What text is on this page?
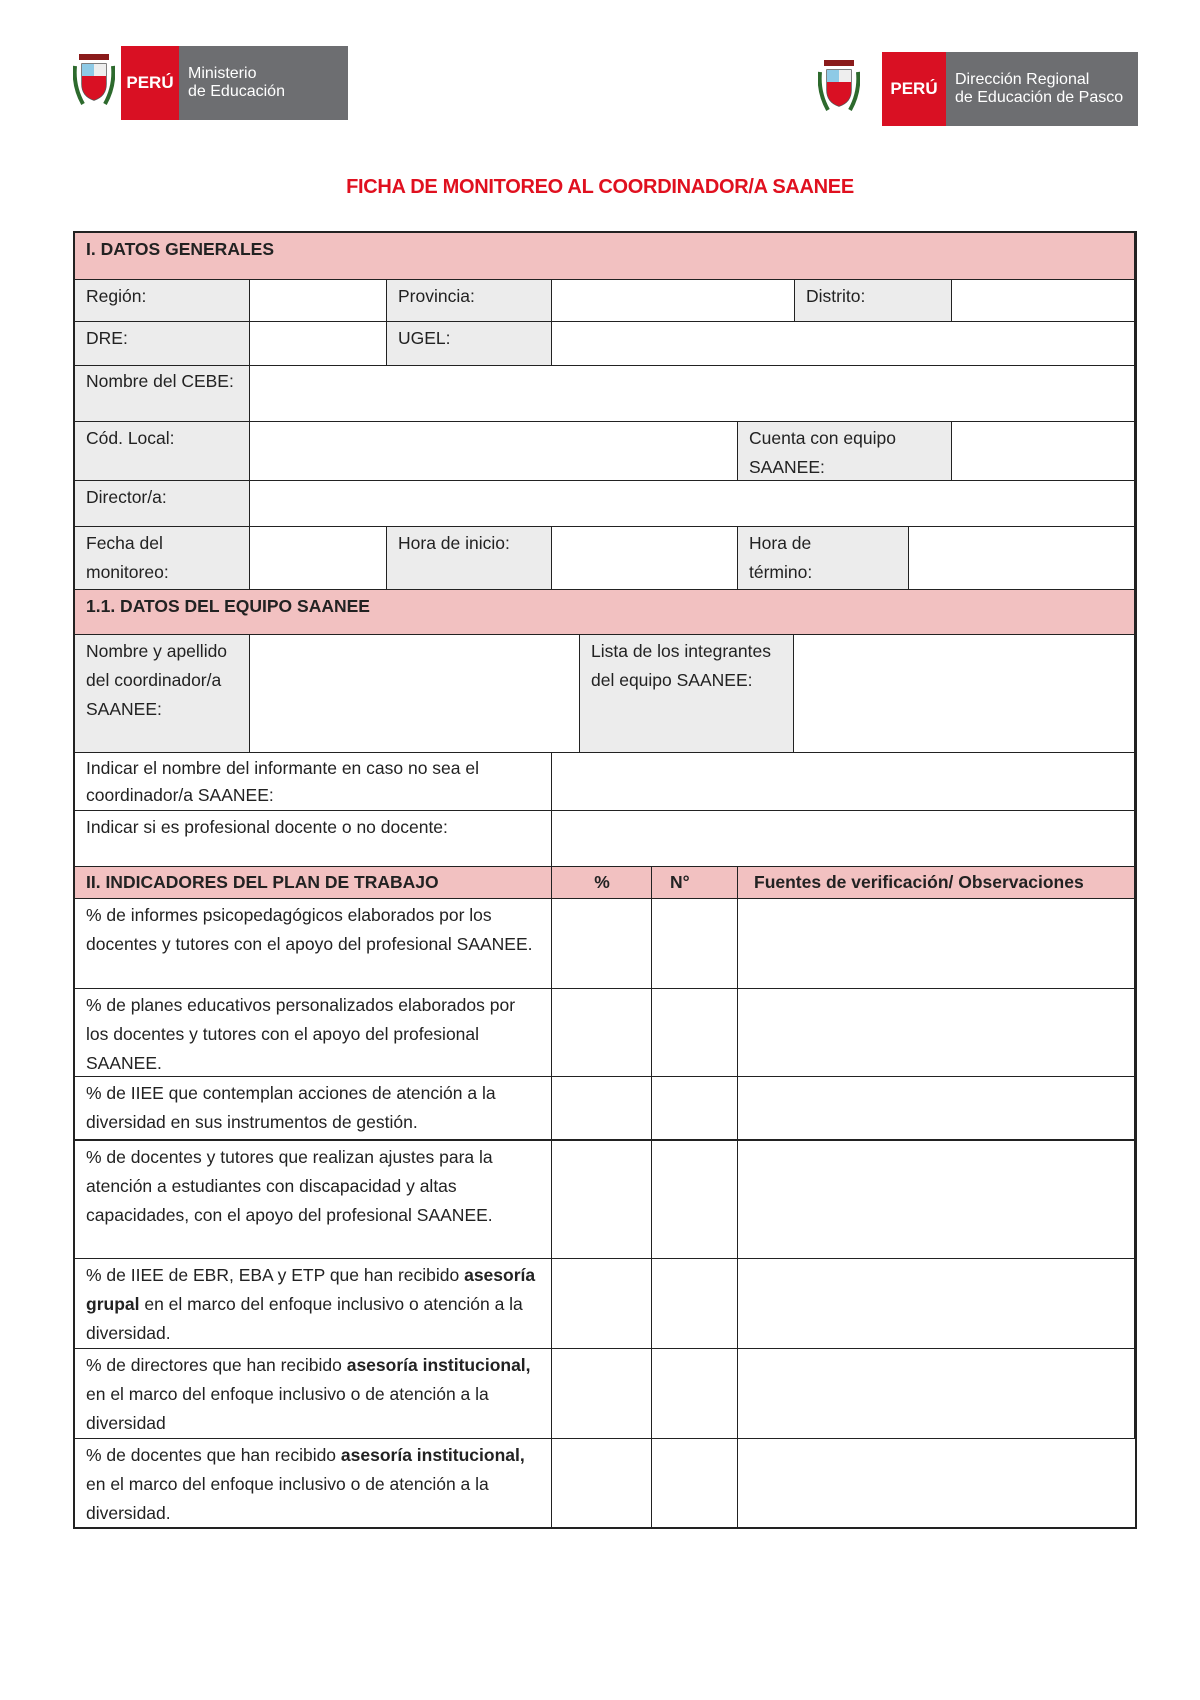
PERÚ Ministerio
de Educación	PERÚ	Dirección Regional
de Educación de Pasco
FICHA DE MONITOREO AL COORDINADOR/A SAANEE
I. DATOS GENERALES
Región:	Provincia:	Distrito:
DRE:	UGEL:
Nombre del CEBE:
Cód. Local:	Cuenta con equipo SAANEE:
Director/a:
Fecha del monitoreo:
Hora de inicio:	Hora de término:
1.1. DATOS DEL EQUIPO SAANEE
Nombre y apellido del coordinador/a SAANEE:
Lista de los integrantes del equipo SAANEE:
Indicar el nombre del informante en caso no sea el coordinador/a SAANEE:
Indicar si es profesional docente o no docente:
II. INDICADORES DEL PLAN DE TRABAJO	%	N°	Fuentes de verificación/ Observaciones
% de informes psicopedagógicos elaborados por los docentes y tutores con el apoyo del profesional SAANEE.
% de planes educativos personalizados elaborados por los docentes y tutores con el apoyo del profesional SAANEE.
% de IIEE que contemplan acciones de atención a la diversidad en sus instrumentos de gestión.
% de docentes y tutores que realizan ajustes para la atención a estudiantes con discapacidad y altas capacidades, con el apoyo del profesional SAANEE.
% de IIEE de EBR, EBA y ETP que han recibido asesoría grupal en el marco del enfoque inclusivo o atención a la diversidad.
% de directores que han recibido asesoría institucional, en el marco del enfoque inclusivo o de atención a la diversidad
% de docentes que han recibido asesoría institucional, en el marco del enfoque inclusivo o de atención a la diversidad.
